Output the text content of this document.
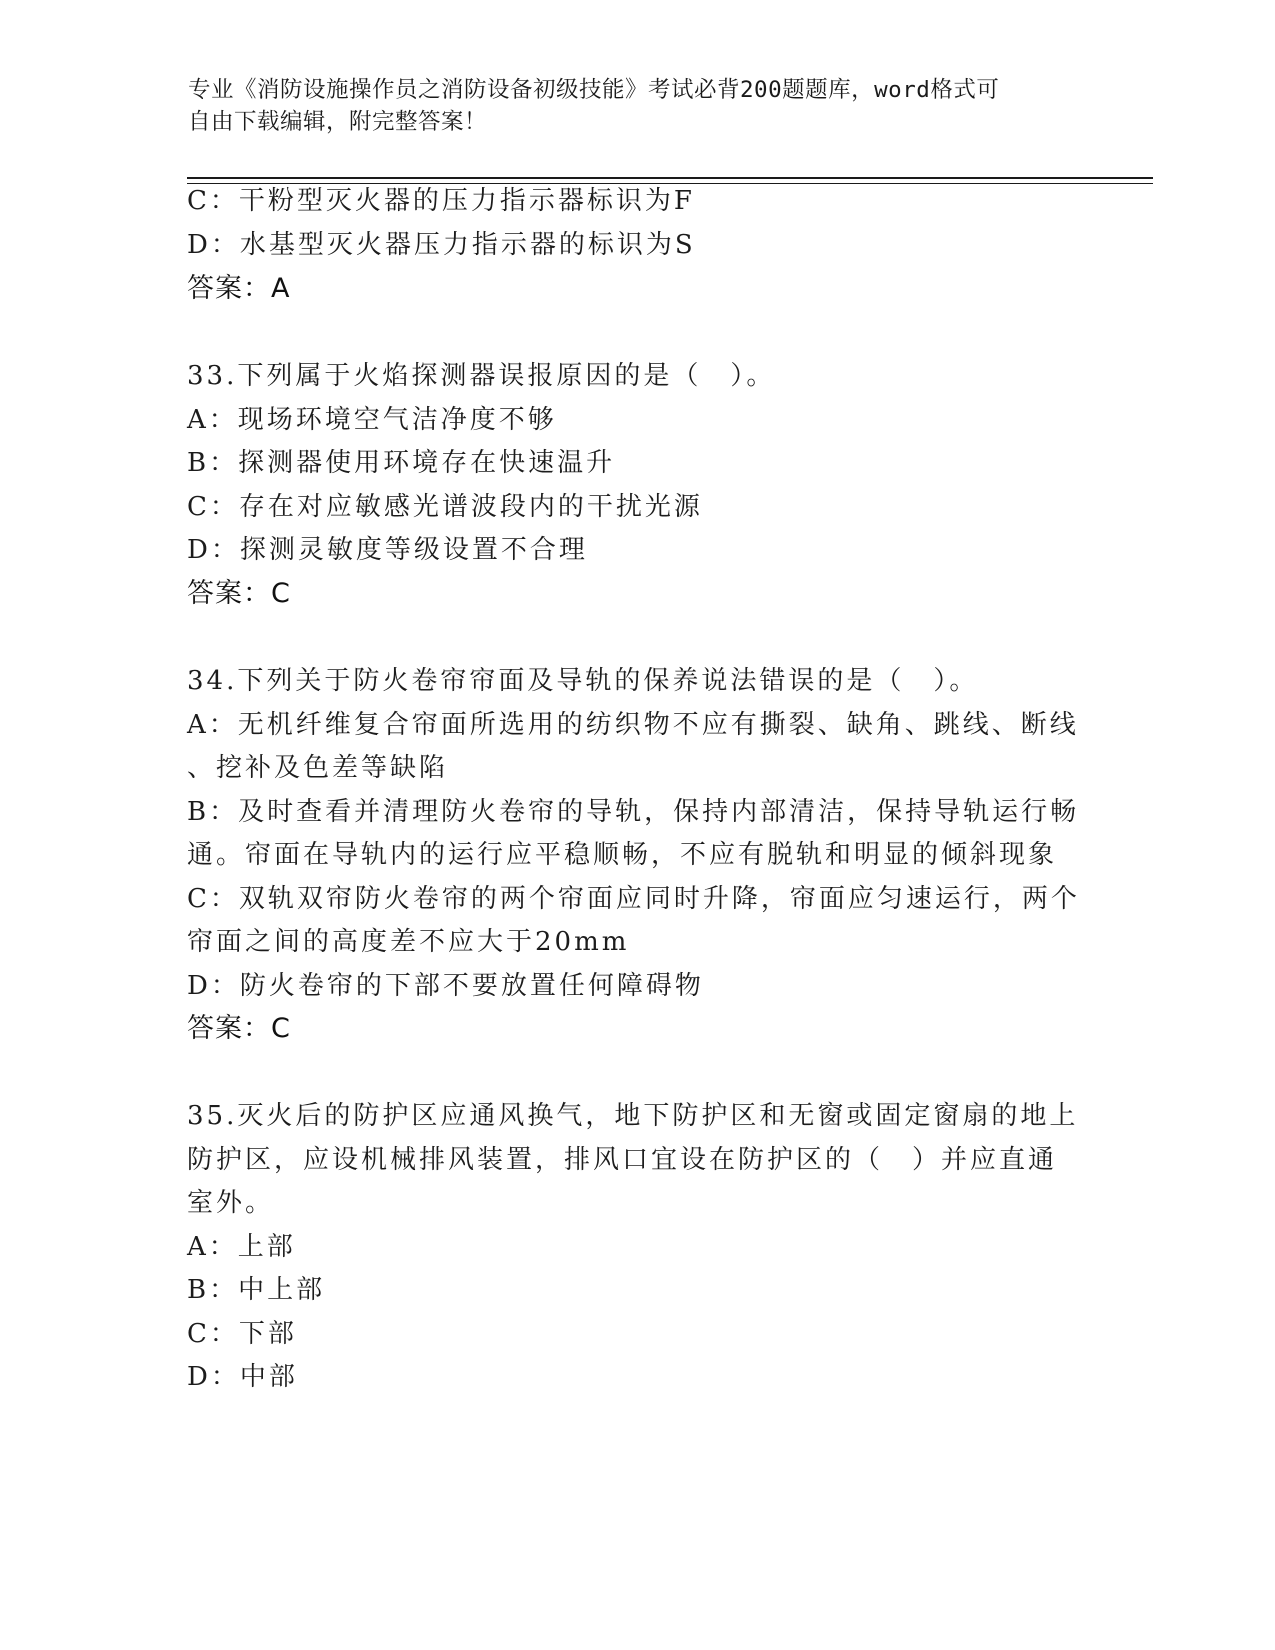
专业《消防设施操作员之消防设备初级技能》考试必背200题题库，word格式可
自由下载编辑，附完整答案！
C：干粉型灭火器的压力指示器标识为F
D：水基型灭火器压力指示器的标识为S
答案：A
33.下列属于火焰探测器误报原因的是（　）。
A：现场环境空气洁净度不够
B：探测器使用环境存在快速温升
C：存在对应敏感光谱波段内的干扰光源
D：探测灵敏度等级设置不合理
答案：C
34.下列关于防火卷帘帘面及导轨的保养说法错误的是（　）。
A：无机纤维复合帘面所选用的纺织物不应有撕裂、缺角、跳线、断线
、挖补及色差等缺陷
B：及时查看并清理防火卷帘的导轨，保持内部清洁，保持导轨运行畅
通。帘面在导轨内的运行应平稳顺畅，不应有脱轨和明显的倾斜现象
C：双轨双帘防火卷帘的两个帘面应同时升降，帘面应匀速运行，两个
帘面之间的高度差不应大于20mm
D：防火卷帘的下部不要放置任何障碍物
答案：C
35.灭火后的防护区应通风换气，地下防护区和无窗或固定窗扇的地上
防护区，应设机械排风装置，排风口宜设在防护区的（　）并应直通
室外。
A：上部
B：中上部
C：下部
D：中部
